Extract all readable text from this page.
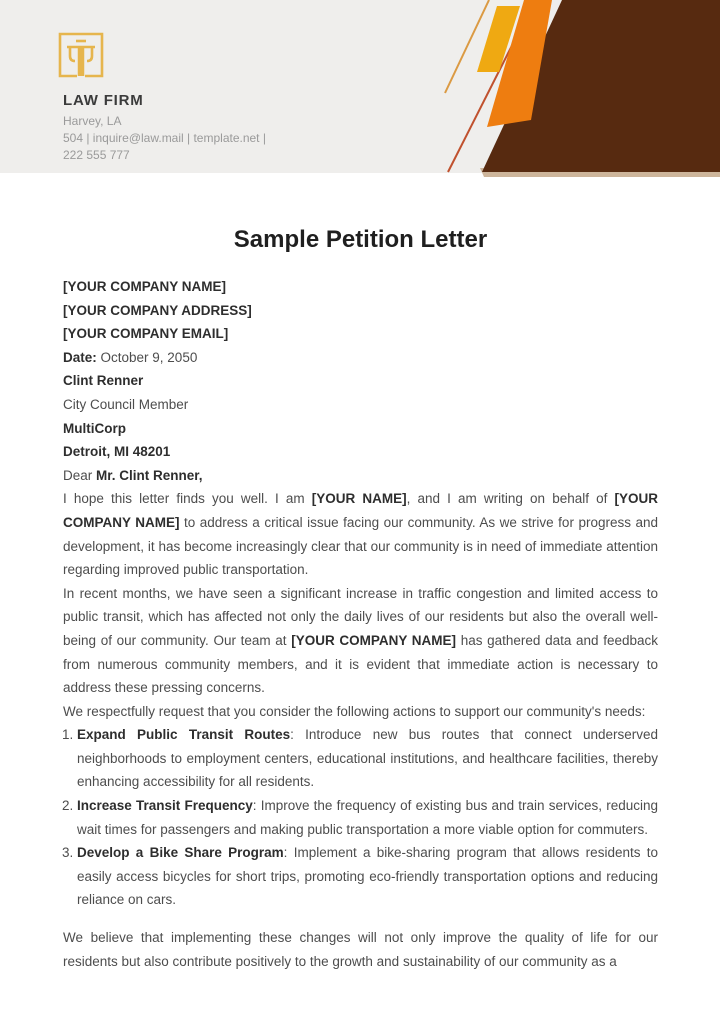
LAW FIRM
Harvey, LA
504 | inquire@law.mail | template.net |
222 555 777
Sample Petition Letter

[YOUR COMPANY NAME]

[YOUR COMPANY ADDRESS]

[YOUR COMPANY EMAIL]

Date: October 9, 2050

Clint Renner

City Council Member

MultiCorp

Detroit, MI 48201

Dear Mr. Clint Renner,

I hope this letter finds you well. I am [YOUR NAME], and I am writing on behalf of [YOUR COMPANY NAME] to address a critical issue facing our community. As we strive for progress and development, it has become increasingly clear that our community is in need of immediate attention regarding improved public transportation.

In recent months, we have seen a significant increase in traffic congestion and limited access to public transit, which has affected not only the daily lives of our residents but also the overall well-being of our community. Our team at [YOUR COMPANY NAME] has gathered data and feedback from numerous community members, and it is evident that immediate action is necessary to address these pressing concerns.

We respectfully request that you consider the following actions to support our community's needs:

1. Expand Public Transit Routes: Introduce new bus routes that connect underserved neighborhoods to employment centers, educational institutions, and healthcare facilities, thereby enhancing accessibility for all residents.
2. Increase Transit Frequency: Improve the frequency of existing bus and train services, reducing wait times for passengers and making public transportation a more viable option for commuters.
3. Develop a Bike Share Program: Implement a bike-sharing program that allows residents to easily access bicycles for short trips, promoting eco-friendly transportation options and reducing reliance on cars.

We believe that implementing these changes will not only improve the quality of life for our residents but also contribute positively to the growth and sustainability of our community as a
